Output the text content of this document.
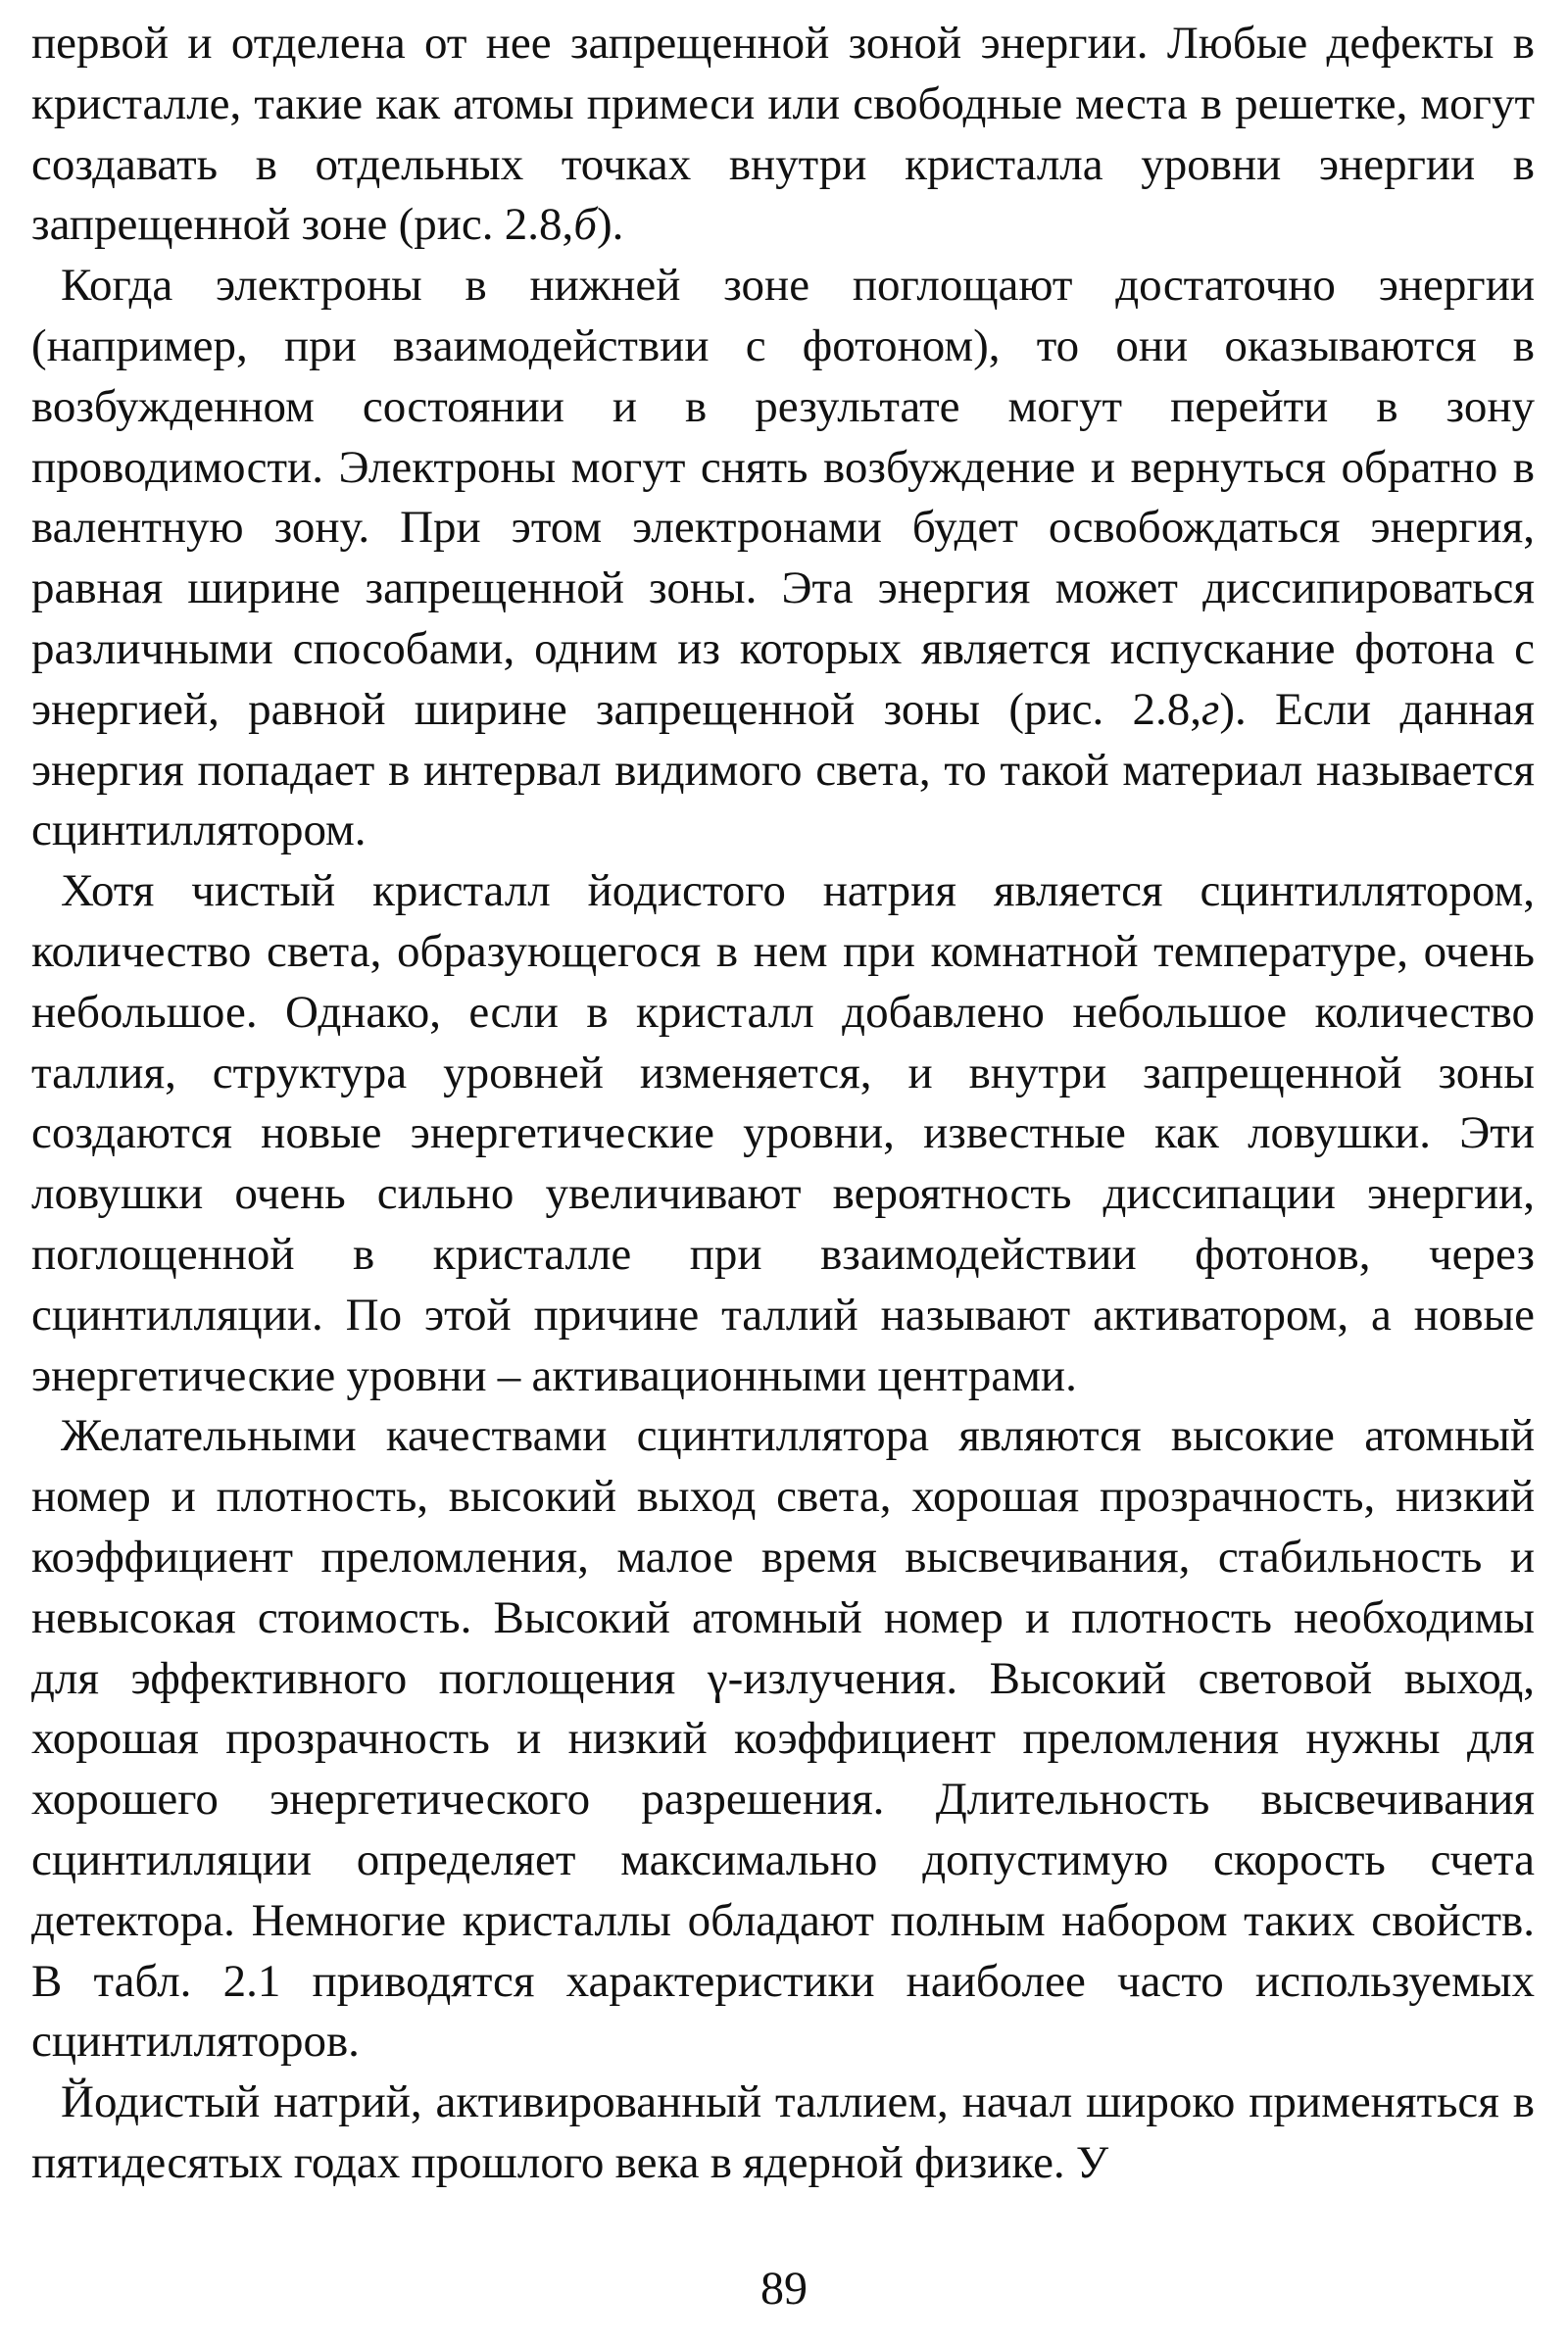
первой и отделена от нее запрещенной зоной энергии. Любые дефекты в кристалле, такие как атомы примеси или свободные места в решетке, могут создавать в отдельных точках внутри кристалла уровни энергии в запрещенной зоне (рис. 2.8,б).

Когда электроны в нижней зоне поглощают достаточно энергии (например, при взаимодействии с фотоном), то они оказываются в возбужденном состоянии и в результате могут перейти в зону проводимости. Электроны могут снять возбуждение и вернуться обратно в валентную зону. При этом электронами будет освобождаться энергия, равная ширине запрещенной зоны. Эта энергия может диссипироваться различными способами, одним из которых является испускание фотона с энергией, равной ширине запрещенной зоны (рис. 2.8,г). Если данная энергия попадает в интервал видимого света, то такой материал называется сцинтиллятором.

Хотя чистый кристалл йодистого натрия является сцинтиллятором, количество света, образующегося в нем при комнатной температуре, очень небольшое. Однако, если в кристалл добавлено небольшое количество таллия, структура уровней изменяется, и внутри запрещенной зоны создаются новые энергетические уровни, известные как ловушки. Эти ловушки очень сильно увеличивают вероятность диссипации энергии, поглощенной в кристалле при взаимодействии фотонов, через сцинтилляции. По этой причине таллий называют активатором, а новые энергетические уровни – активационными центрами.

Желательными качествами сцинтиллятора являются высокие атомный номер и плотность, высокий выход света, хорошая прозрачность, низкий коэффициент преломления, малое время высвечивания, стабильность и невысокая стоимость. Высокий атомный номер и плотность необходимы для эффективного поглощения γ-излучения. Высокий световой выход, хорошая прозрачность и низкий коэффициент преломления нужны для хорошего энергетического разрешения. Длительность высвечивания сцинтилляции определяет максимально допустимую скорость счета детектора. Немногие кристаллы обладают полным набором таких свойств. В табл. 2.1 приводятся характеристики наиболее часто используемых сцинтилляторов.

Йодистый натрий, активированный таллием, начал широко применяться в пятидесятых годах прошлого века в ядерной физике. У

89
